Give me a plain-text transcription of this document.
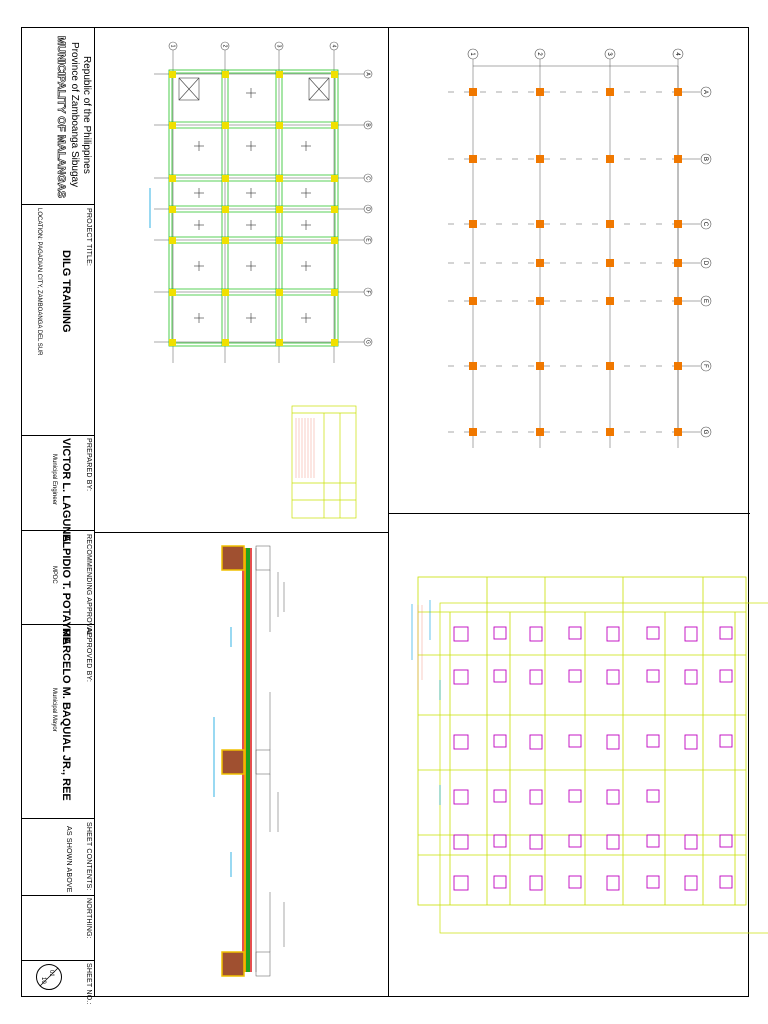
Republic of the Philippines
Province of Zamboanga Sibugay
MUNICIPALITY OF MALANGAS
PROJECT TITLE:
DILG TRAINING
LOCATION: PAGADIAN CITY, ZAMBOANGA DEL SUR
PREPARED BY:
VICTOR L. LAGUNA
Municipal Engineer
RECOMMENDING APPROVAL:
ELPIDIO T. POTAYRE
MPDC
APPROVED BY:
MARCELO M. BAQUIAL JR., REE
Municipal Mayor
SHEET CONTENTS:
AS SHOWN ABOVE
NORTHING:
SHEET NO.:
01
10
1	2	3	4
A
B
C
D
E
F
G
1	2	3	4
A
B
C
D
E
F
G
